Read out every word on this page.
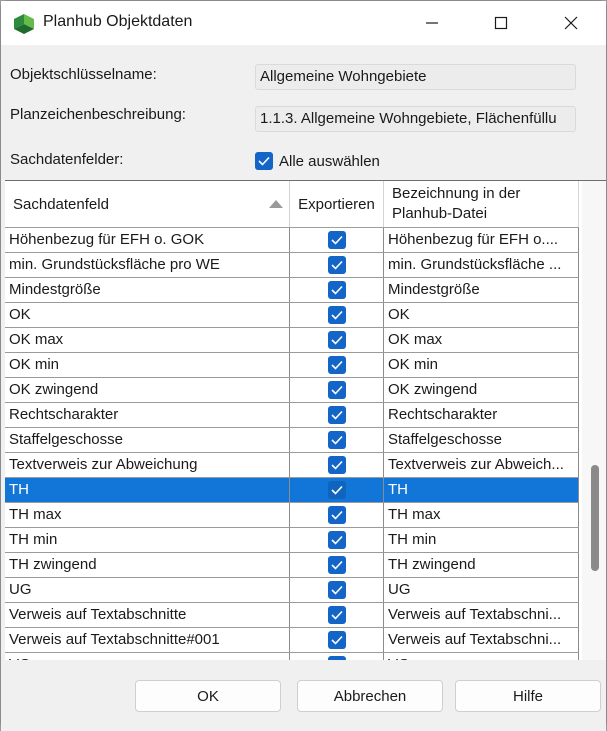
Planhub Objektdaten
Objektschlüsselname:	Allgemeine Wohngebiete
Planzeichenbeschreibung:	1.1.3. Allgemeine Wohngebiete, Flächenfüllu
Sachdatenfelder:	Alle auswählen
Sachdatenfeld	Exportieren
Bezeichnung in der
Planhub-Datei
Höhenbezug für EFH o. GOK	Höhenbezug für EFH o....
min. Grundstücksfläche pro WE	min. Grundstücksfläche ...
Mindestgröße	Mindestgröße
OK	OK
OK max	OK max
OK min	OK min
OK zwingend	OK zwingend
Rechtscharakter	Rechtscharakter
Staffelgeschosse	Staffelgeschosse
Textverweis zur Abweichung	Textverweis zur Abweich...
TH	TH
TH max	TH max
TH min	TH min
TH zwingend	TH zwingend
UG	UG
Verweis auf Textabschnitte	Verweis auf Textabschni...
Verweis auf Textabschnitte#001	Verweis auf Textabschni...
OK	Abbrechen	Hilfe
